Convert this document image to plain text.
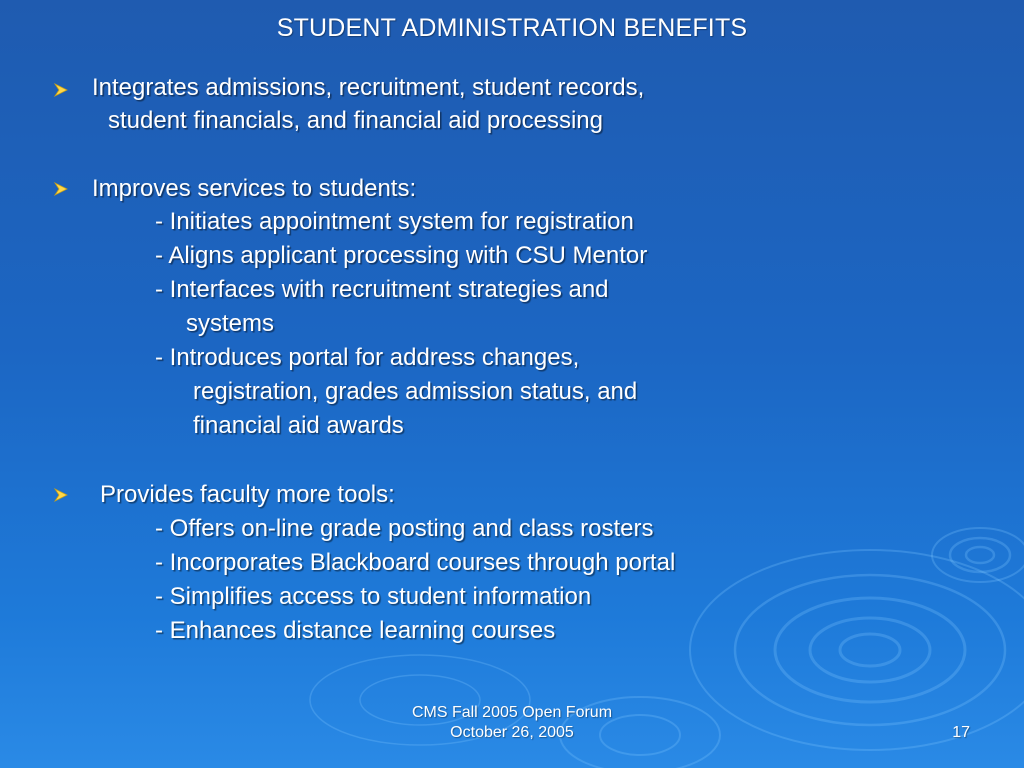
STUDENT ADMINISTRATION BENEFITS
Integrates admissions, recruitment, student records,
student financials, and financial aid processing
Improves services to students:
- Initiates appointment system for registration
- Aligns applicant processing with CSU Mentor
- Interfaces with recruitment strategies and
systems
- Introduces portal for address changes,
registration, grades admission status, and
financial aid awards
Provides faculty more tools:
- Offers on-line grade posting and class rosters
- Incorporates Blackboard courses through portal
- Simplifies access to student information
- Enhances distance learning courses
CMS Fall 2005 Open Forum
October 26, 2005	17
